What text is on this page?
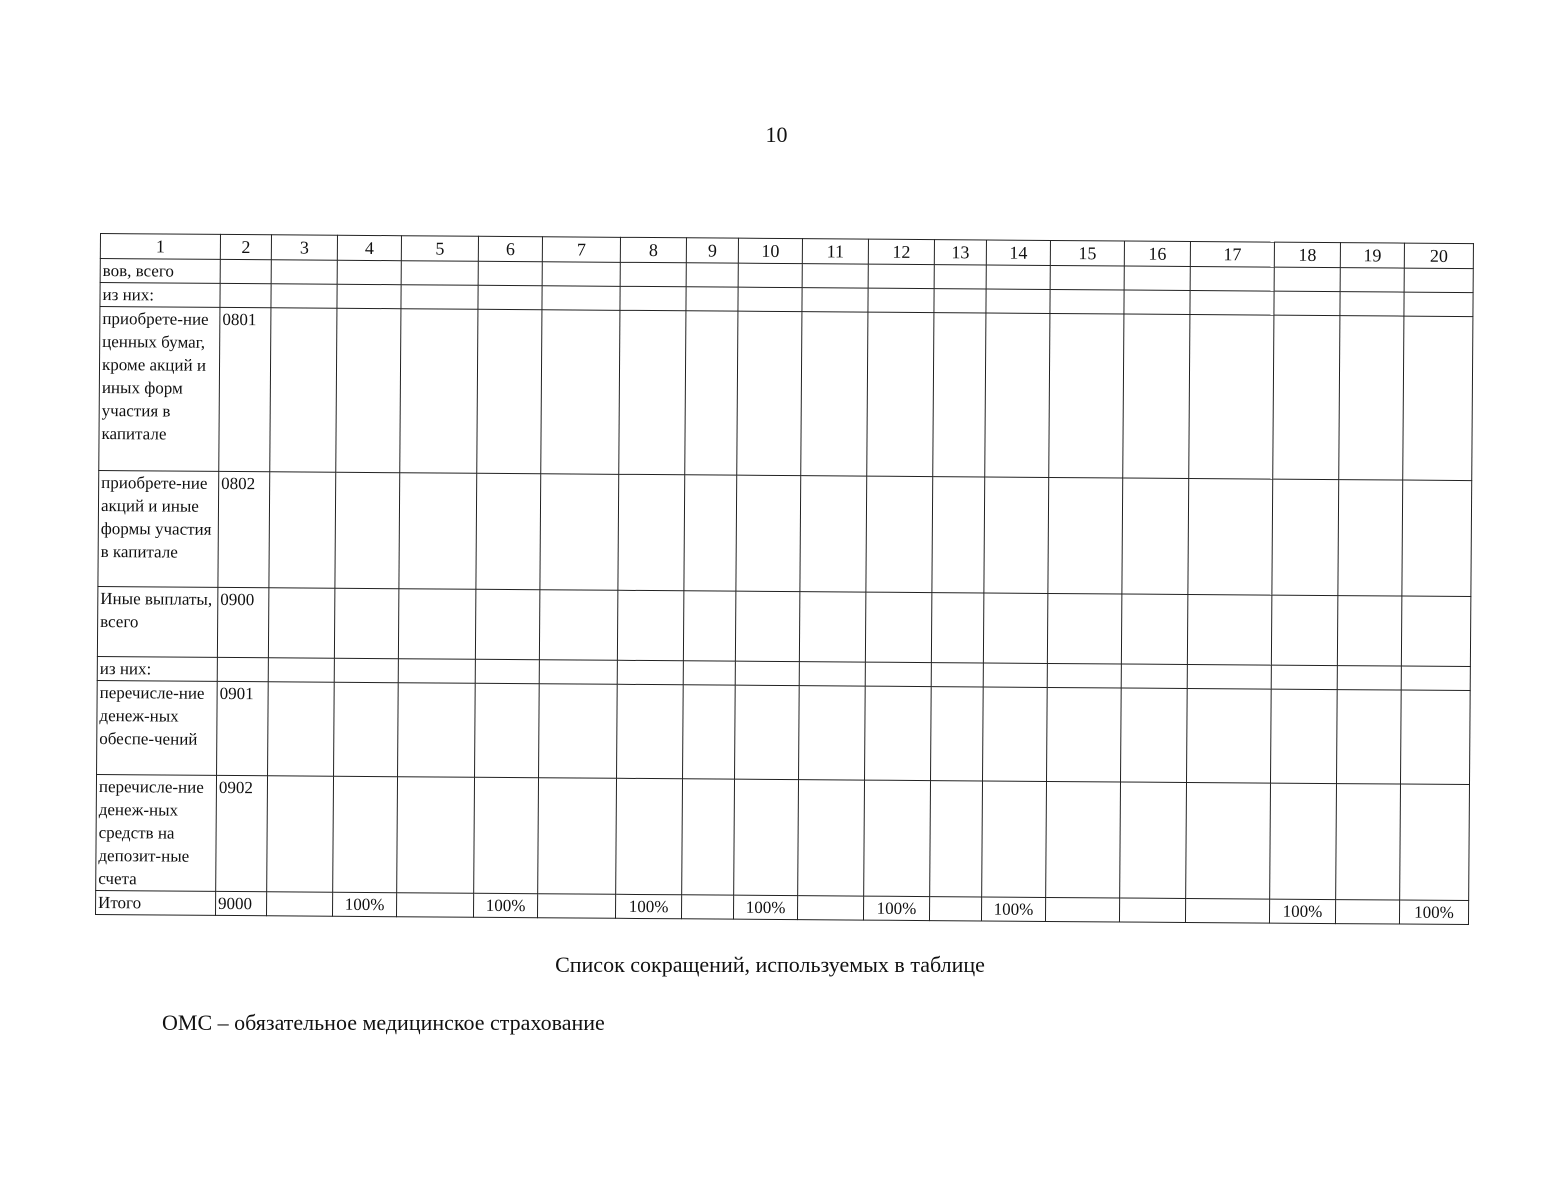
10
1	2	3	4	5	6	7	8	9	10	11	12	13	14	15	16	17	18	19	20
вов, всего																			
из них:																			
приобрете-ние ценных бумаг, кроме акций и иных форм участия в капитале	0801																		
приобрете-ние акций и иные формы участия в капитале	0802																		
Иные выплаты, всего	0900																		
из них:																			
перечисле-ние денеж-ных обеспе-чений	0901																		
перечисле-ние денеж-ных средств на депозит-ные счета	0902																		
Итого	9000		100%		100%		100%		100%		100%		100%				100%		100%
Список сокращений, используемых в таблице
ОМС – обязательное медицинское страхование
